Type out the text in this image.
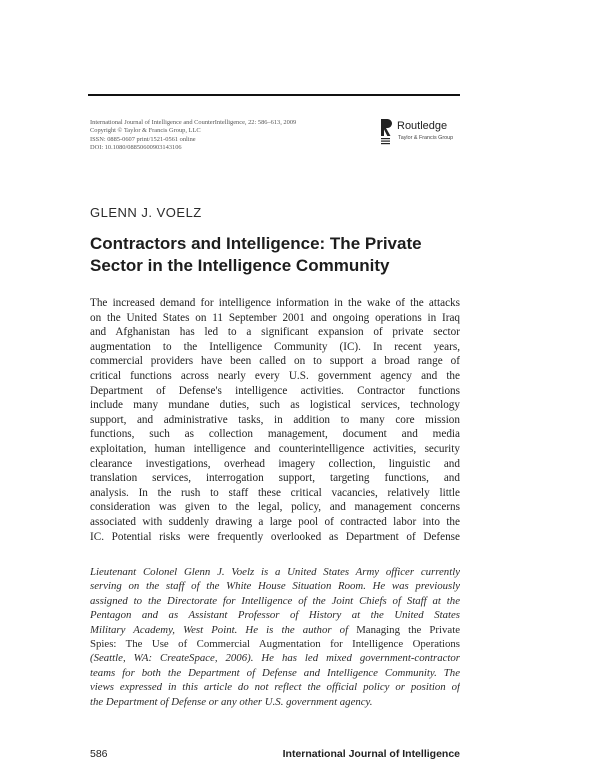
International Journal of Intelligence and CounterIntelligence, 22: 586–613, 2009
Copyright © Taylor & Francis Group, LLC
ISSN: 0885-0607 print/1521-0561 online
DOI: 10.1080/08850600903143106
Routledge
Taylor & Francis Group
GLENN J. VOELZ
Contractors and Intelligence: The Private
Sector in the Intelligence Community
The increased demand for intelligence information in the wake of the attacks
on the United States on 11 September 2001 and ongoing operations in Iraq
and Afghanistan has led to a significant expansion of private sector
augmentation to the Intelligence Community (IC). In recent years,
commercial providers have been called on to support a broad range of
critical functions across nearly every U.S. government agency and the
Department of Defense's intelligence activities. Contractor functions
include many mundane duties, such as logistical services, technology
support, and administrative tasks, in addition to many core mission
functions, such as collection management, document and media
exploitation, human intelligence and counterintelligence activities, security
clearance investigations, overhead imagery collection, linguistic and
translation services, interrogation support, targeting functions, and
analysis. In the rush to staff these critical vacancies, relatively little
consideration was given to the legal, policy, and management concerns
associated with suddenly drawing a large pool of contracted labor into the
IC. Potential risks were frequently overlooked as Department of Defense
Lieutenant Colonel Glenn J. Voelz is a United States Army officer currently
serving on the staff of the White House Situation Room. He was previously
assigned to the Directorate for Intelligence of the Joint Chiefs of Staff at the
Pentagon and as Assistant Professor of History at the United States
Military Academy, West Point. He is the author of Managing the Private
Spies: The Use of Commercial Augmentation for Intelligence Operations
(Seattle, WA: CreateSpace, 2006). He has led mixed government-contractor
teams for both the Department of Defense and Intelligence Community. The
views expressed in this article do not reflect the official policy or position of
the Department of Defense or any other U.S. government agency.
586	International Journal of Intelligence
